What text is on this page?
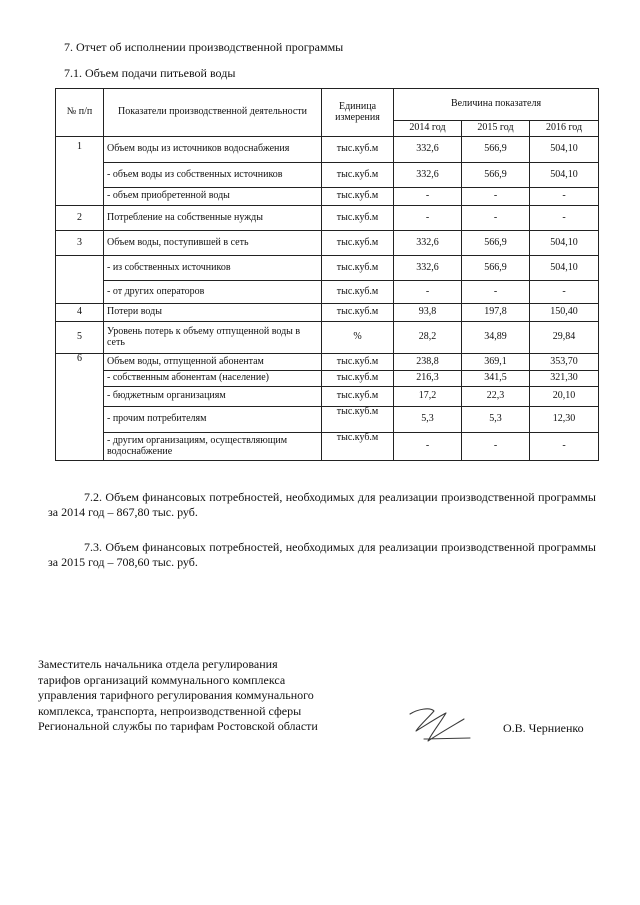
7. Отчет об исполнении производственной программы
7.1. Объем подачи питьевой воды
№ п/п	Показатели производственной деятельности	Единица измерения	Величина показателя		
			2014 год	2015 год	2016 год
1	Объем воды из источников водоснабжения	тыс.куб.м	332,6	566,9	504,10
	- объем воды из собственных источников	тыс.куб.м	332,6	566,9	504,10
	- объем приобретенной воды	тыс.куб.м	-	-	-
2	Потребление на собственные нужды	тыс.куб.м	-	-	-
3	Объем воды, поступившей в сеть	тыс.куб.м	332,6	566,9	504,10
	- из собственных источников	тыс.куб.м	332,6	566,9	504,10
	- от других операторов	тыс.куб.м	-	-	-
4	Потери воды	тыс.куб.м	93,8	197,8	150,40
5	Уровень потерь к объему отпущенной воды в сеть	%	28,2	34,89	29,84
6	Объем воды, отпущенной абонентам	тыс.куб.м	238,8	369,1	353,70
	- собственным абонентам (население)	тыс.куб.м	216,3	341,5	321,30
	- бюджетным организациям	тыс.куб.м	17,2	22,3	20,10
	- прочим потребителям	тыс.куб.м	5,3	5,3	12,30
	- другим организациям, осуществляющим водоснабжение	тыс.куб.м	-	-	-
7.2. Объем финансовых потребностей, необходимых для реализации производственной программы за 2014 год – 867,80 тыс. руб.
7.3. Объем финансовых потребностей, необходимых для реализации производственной программы за 2015 год – 708,60 тыс. руб.
Заместитель начальника отдела регулирования
тарифов организаций коммунального комплекса
управления тарифного регулирования коммунального
комплекса, транспорта, непроизводственной сферы
Региональной службы по тарифам Ростовской области	О.В. Черниенко
